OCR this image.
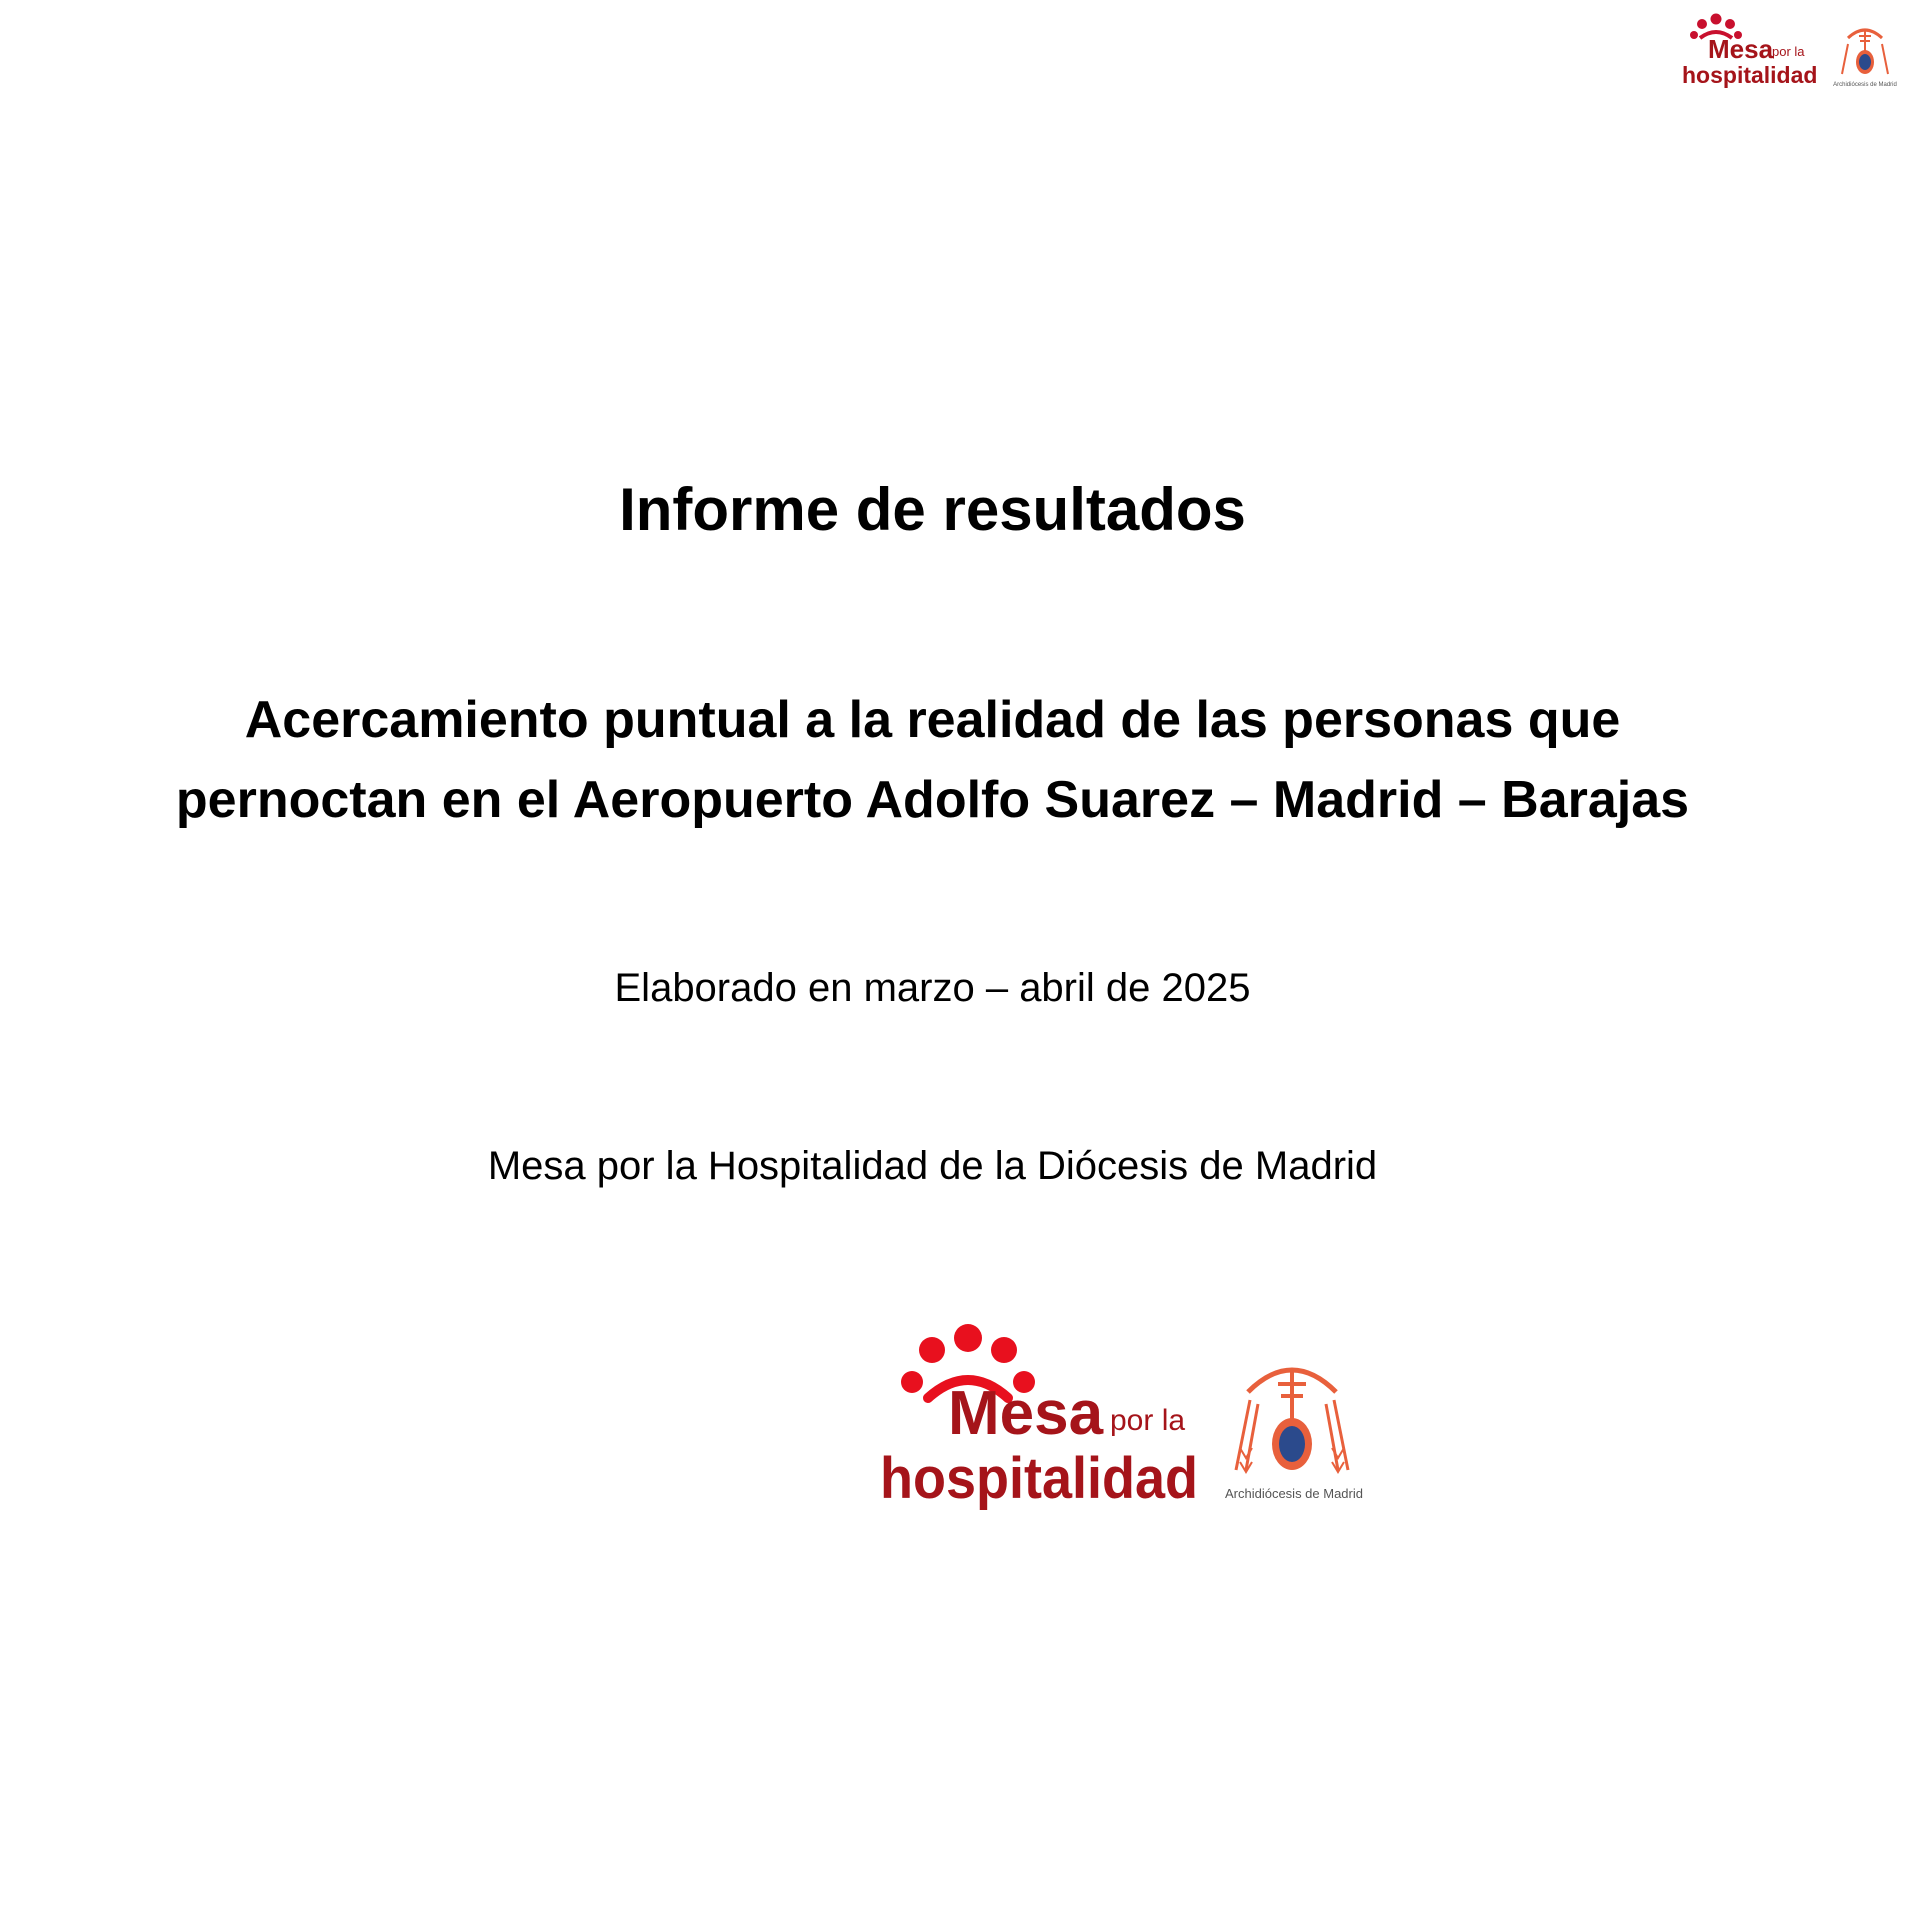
Mesa
por la
hospitalidad	Archidiócesis de Madrid
Informe de resultados
Acercamiento puntual a la realidad de las personas que
pernoctan en el Aeropuerto Adolfo Suarez – Madrid – Barajas
Elaborado en marzo – abril de 2025
Mesa por la Hospitalidad de la Diócesis de Madrid
Mesa por la
hospitalidad Archidiócesis de Madrid
